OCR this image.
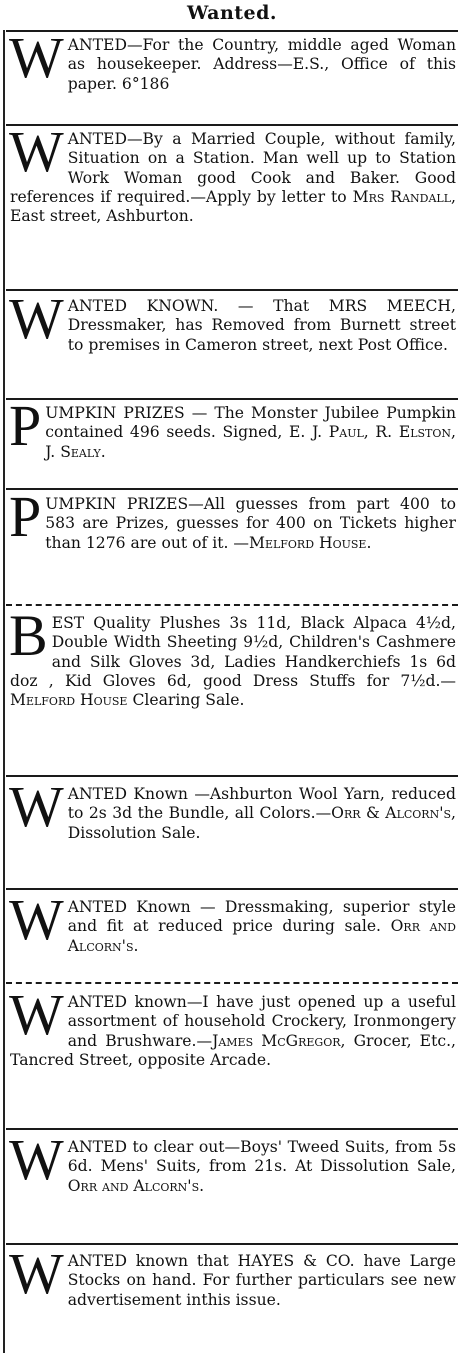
Wanted.

WANTED—For the Country, middle aged Woman as housekeeper. Address—E.S., Office of this paper. 6°186

WANTED—By a Married Couple, without family, Situation on a Station. Man well up to Station Work Woman good Cook and Baker. Good references if required.—Apply by letter to Mrs Randall, East street, Ashburton.

WANTED KNOWN. — That MRS MEECH, Dressmaker, has Removed from Burnett street to premises in Cameron street, next Post Office.

PUMPKIN PRIZES — The Monster Jubilee Pumpkin contained 496 seeds. Signed, E. J. Paul, R. Elston, J. Sealy.

PUMPKIN PRIZES—All guesses from part 400 to 583 are Prizes, guesses for 400 on Tickets higher than 1276 are out of it. —Melford House.

BEST Quality Plushes 3s 11d, Black Alpaca 4½d, Double Width Sheeting 9½d, Children's Cashmere and Silk Gloves 3d, Ladies Handkerchiefs 1s 6d doz , Kid Gloves 6d, good Dress Stuffs for 7½d.— Melford House Clearing Sale.

WANTED Known —Ashburton Wool Yarn, reduced to 2s 3d the Bundle, all Colors.—Orr & Alcorn's, Dissolution Sale.

WANTED Known — Dressmaking, superior style and fit at reduced price during sale. Orr and Alcorn's.

WANTED known—I have just opened up a useful assortment of household Crockery, Ironmongery and Brushware.—James McGregor, Grocer, Etc., Tancred Street, opposite Arcade.

WANTED to clear out—Boys' Tweed Suits, from 5s 6d. Mens' Suits, from 21s. At Dissolution Sale, Orr and Alcorn's.

WANTED known that HAYES & CO. have Large Stocks on hand. For further particulars see new advertisement inthis issue.
